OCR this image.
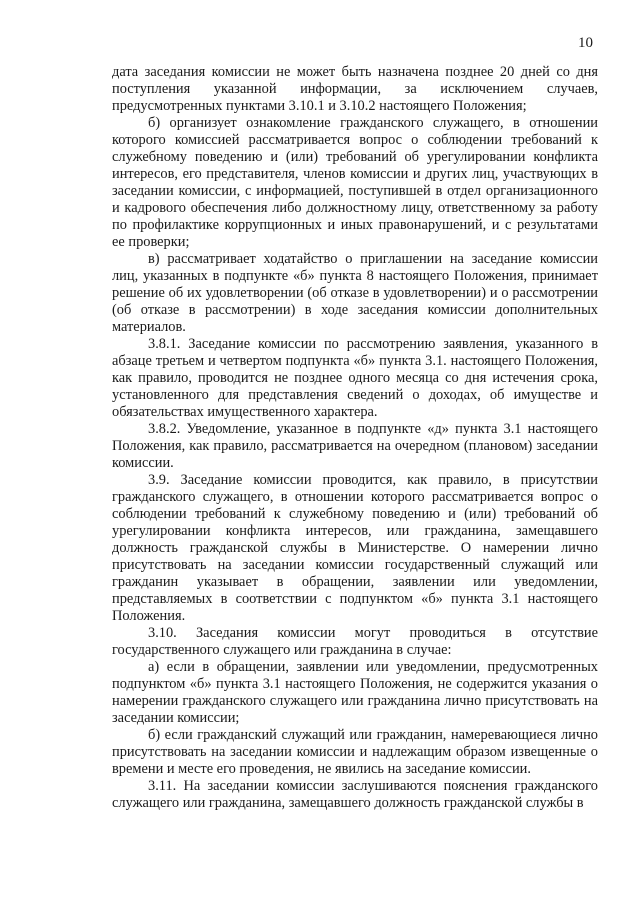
10

дата заседания комиссии не может быть назначена позднее 20 дней со дня поступления указанной информации, за исключением случаев, предусмотренных пунктами 3.10.1 и 3.10.2 настоящего Положения;

б) организует ознакомление гражданского служащего, в отношении которого комиссией рассматривается вопрос о соблюдении требований к служебному поведению и (или) требований об урегулировании конфликта интересов, его представителя, членов комиссии и других лиц, участвующих в заседании комиссии, с информацией, поступившей в отдел организационного и кадрового обеспечения либо должностному лицу, ответственному за работу по профилактике коррупционных и иных правонарушений, и с результатами ее проверки;

в) рассматривает ходатайство о приглашении на заседание комиссии лиц, указанных в подпункте «б» пункта 8 настоящего Положения, принимает решение об их удовлетворении (об отказе в удовлетворении) и о рассмотрении (об отказе в рассмотрении) в ходе заседания комиссии дополнительных материалов.

3.8.1. Заседание комиссии по рассмотрению заявления, указанного в абзаце третьем и четвертом подпункта «б» пункта 3.1. настоящего Положения, как правило, проводится не позднее одного месяца со дня истечения срока, установленного для представления сведений о доходах, об имуществе и обязательствах имущественного характера.

3.8.2. Уведомление, указанное в подпункте «д» пункта 3.1 настоящего Положения, как правило, рассматривается на очередном (плановом) заседании комиссии.

3.9. Заседание комиссии проводится, как правило, в присутствии гражданского служащего, в отношении которого рассматривается вопрос о соблюдении требований к служебному поведению и (или) требований об урегулировании конфликта интересов, или гражданина, замещавшего должность гражданской службы в Министерстве. О намерении лично присутствовать на заседании комиссии государственный служащий или гражданин указывает в обращении, заявлении или уведомлении, представляемых в соответствии с подпунктом «б» пункта 3.1 настоящего Положения.

3.10. Заседания комиссии могут проводиться в отсутствие государственного служащего или гражданина в случае:

а) если в обращении, заявлении или уведомлении, предусмотренных подпунктом «б» пункта 3.1 настоящего Положения, не содержится указания о намерении гражданского служащего или гражданина лично присутствовать на заседании комиссии;

б) если гражданский служащий или гражданин, намеревающиеся лично присутствовать на заседании комиссии и надлежащим образом извещенные о времени и месте его проведения, не явились на заседание комиссии.

3.11. На заседании комиссии заслушиваются пояснения гражданского служащего или гражданина, замещавшего должность гражданской службы в
